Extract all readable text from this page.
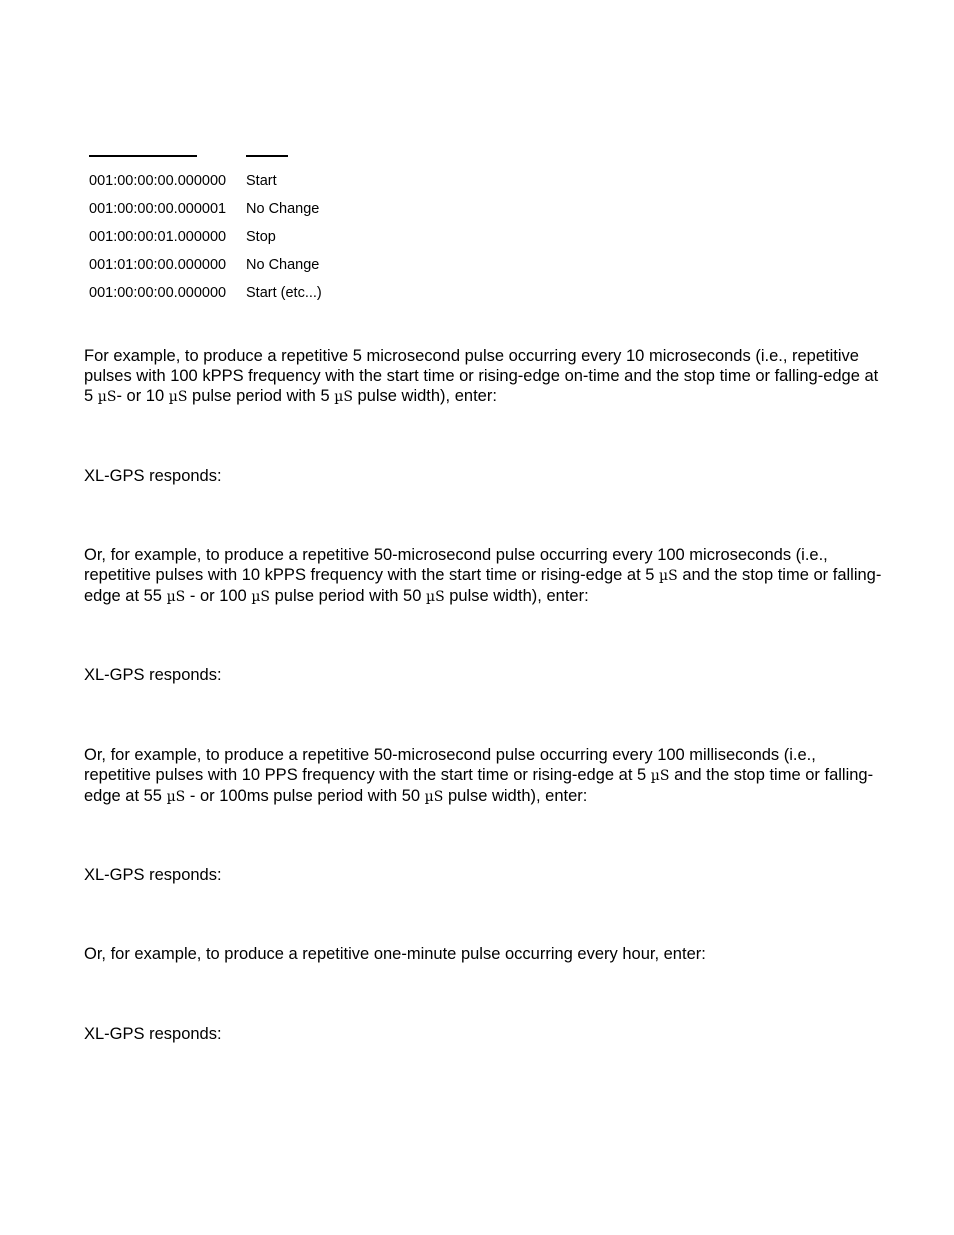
001:00:00:00.000000 Start
001:00:00:00.000001 No Change
001:00:00:01.000000 Stop
001:01:00:00.000000 No Change
001:00:00:00.000000 Start (etc...)

For example, to produce a repetitive 5 microsecond pulse occurring every 10 microseconds (i.e., repetitive pulses with 100 kPPS frequency with the start time or rising-edge on-time and the stop time or falling-edge at 5 µS- or 10 µS pulse period with 5 µS pulse width), enter:

XL-GPS responds:

Or, for example, to produce a repetitive 50-microsecond pulse occurring every 100 microseconds (i.e., repetitive pulses with 10 kPPS frequency with the start time or rising-edge at 5 µS and the stop time or falling-edge at 55 µS - or 100 µS pulse period with 50 µS pulse width), enter:

XL-GPS responds:

Or, for example, to produce a repetitive 50-microsecond pulse occurring every 100 milliseconds (i.e., repetitive pulses with 10 PPS frequency with the start time or rising-edge at 5 µS and the stop time or falling-edge at 55 µS - or 100ms pulse period with 50 µS pulse width), enter:

XL-GPS responds:

Or, for example, to produce a repetitive one-minute pulse occurring every hour, enter:

XL-GPS responds:
